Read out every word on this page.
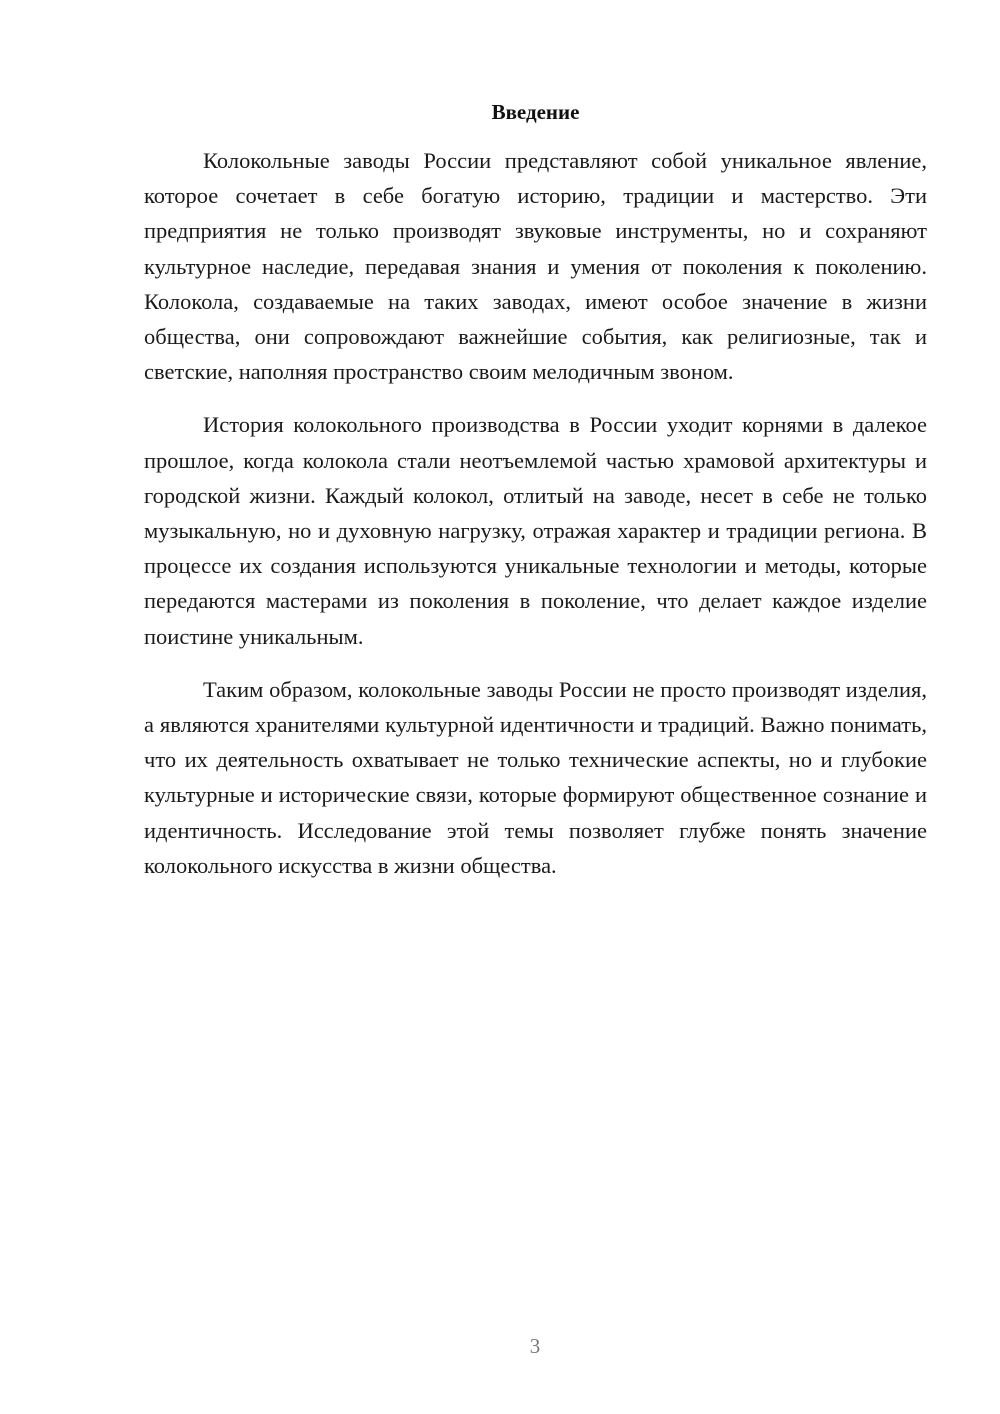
Введение

Колокольные заводы России представляют собой уникальное явление, которое сочетает в себе богатую историю, традиции и мастерство. Эти предприятия не только производят звуковые инструменты, но и сохраняют культурное наследие, передавая знания и умения от поколения к поколению. Колокола, создаваемые на таких заводах, имеют особое значение в жизни общества, они сопровождают важнейшие события, как религиозные, так и светские, наполняя пространство своим мелодичным звоном.

История колокольного производства в России уходит корнями в далекое прошлое, когда колокола стали неотъемлемой частью храмовой архитектуры и городской жизни. Каждый колокол, отлитый на заводе, несет в себе не только музыкальную, но и духовную нагрузку, отражая характер и традиции региона. В процессе их создания используются уникальные технологии и методы, которые передаются мастерами из поколения в поколение, что делает каждое изделие поистине уникальным.

Таким образом, колокольные заводы России не просто производят изделия, а являются хранителями культурной идентичности и традиций. Важно понимать, что их деятельность охватывает не только технические аспекты, но и глубокие культурные и исторические связи, которые формируют общественное сознание и идентичность. Исследование этой темы позволяет глубже понять значение колокольного искусства в жизни общества.

3
